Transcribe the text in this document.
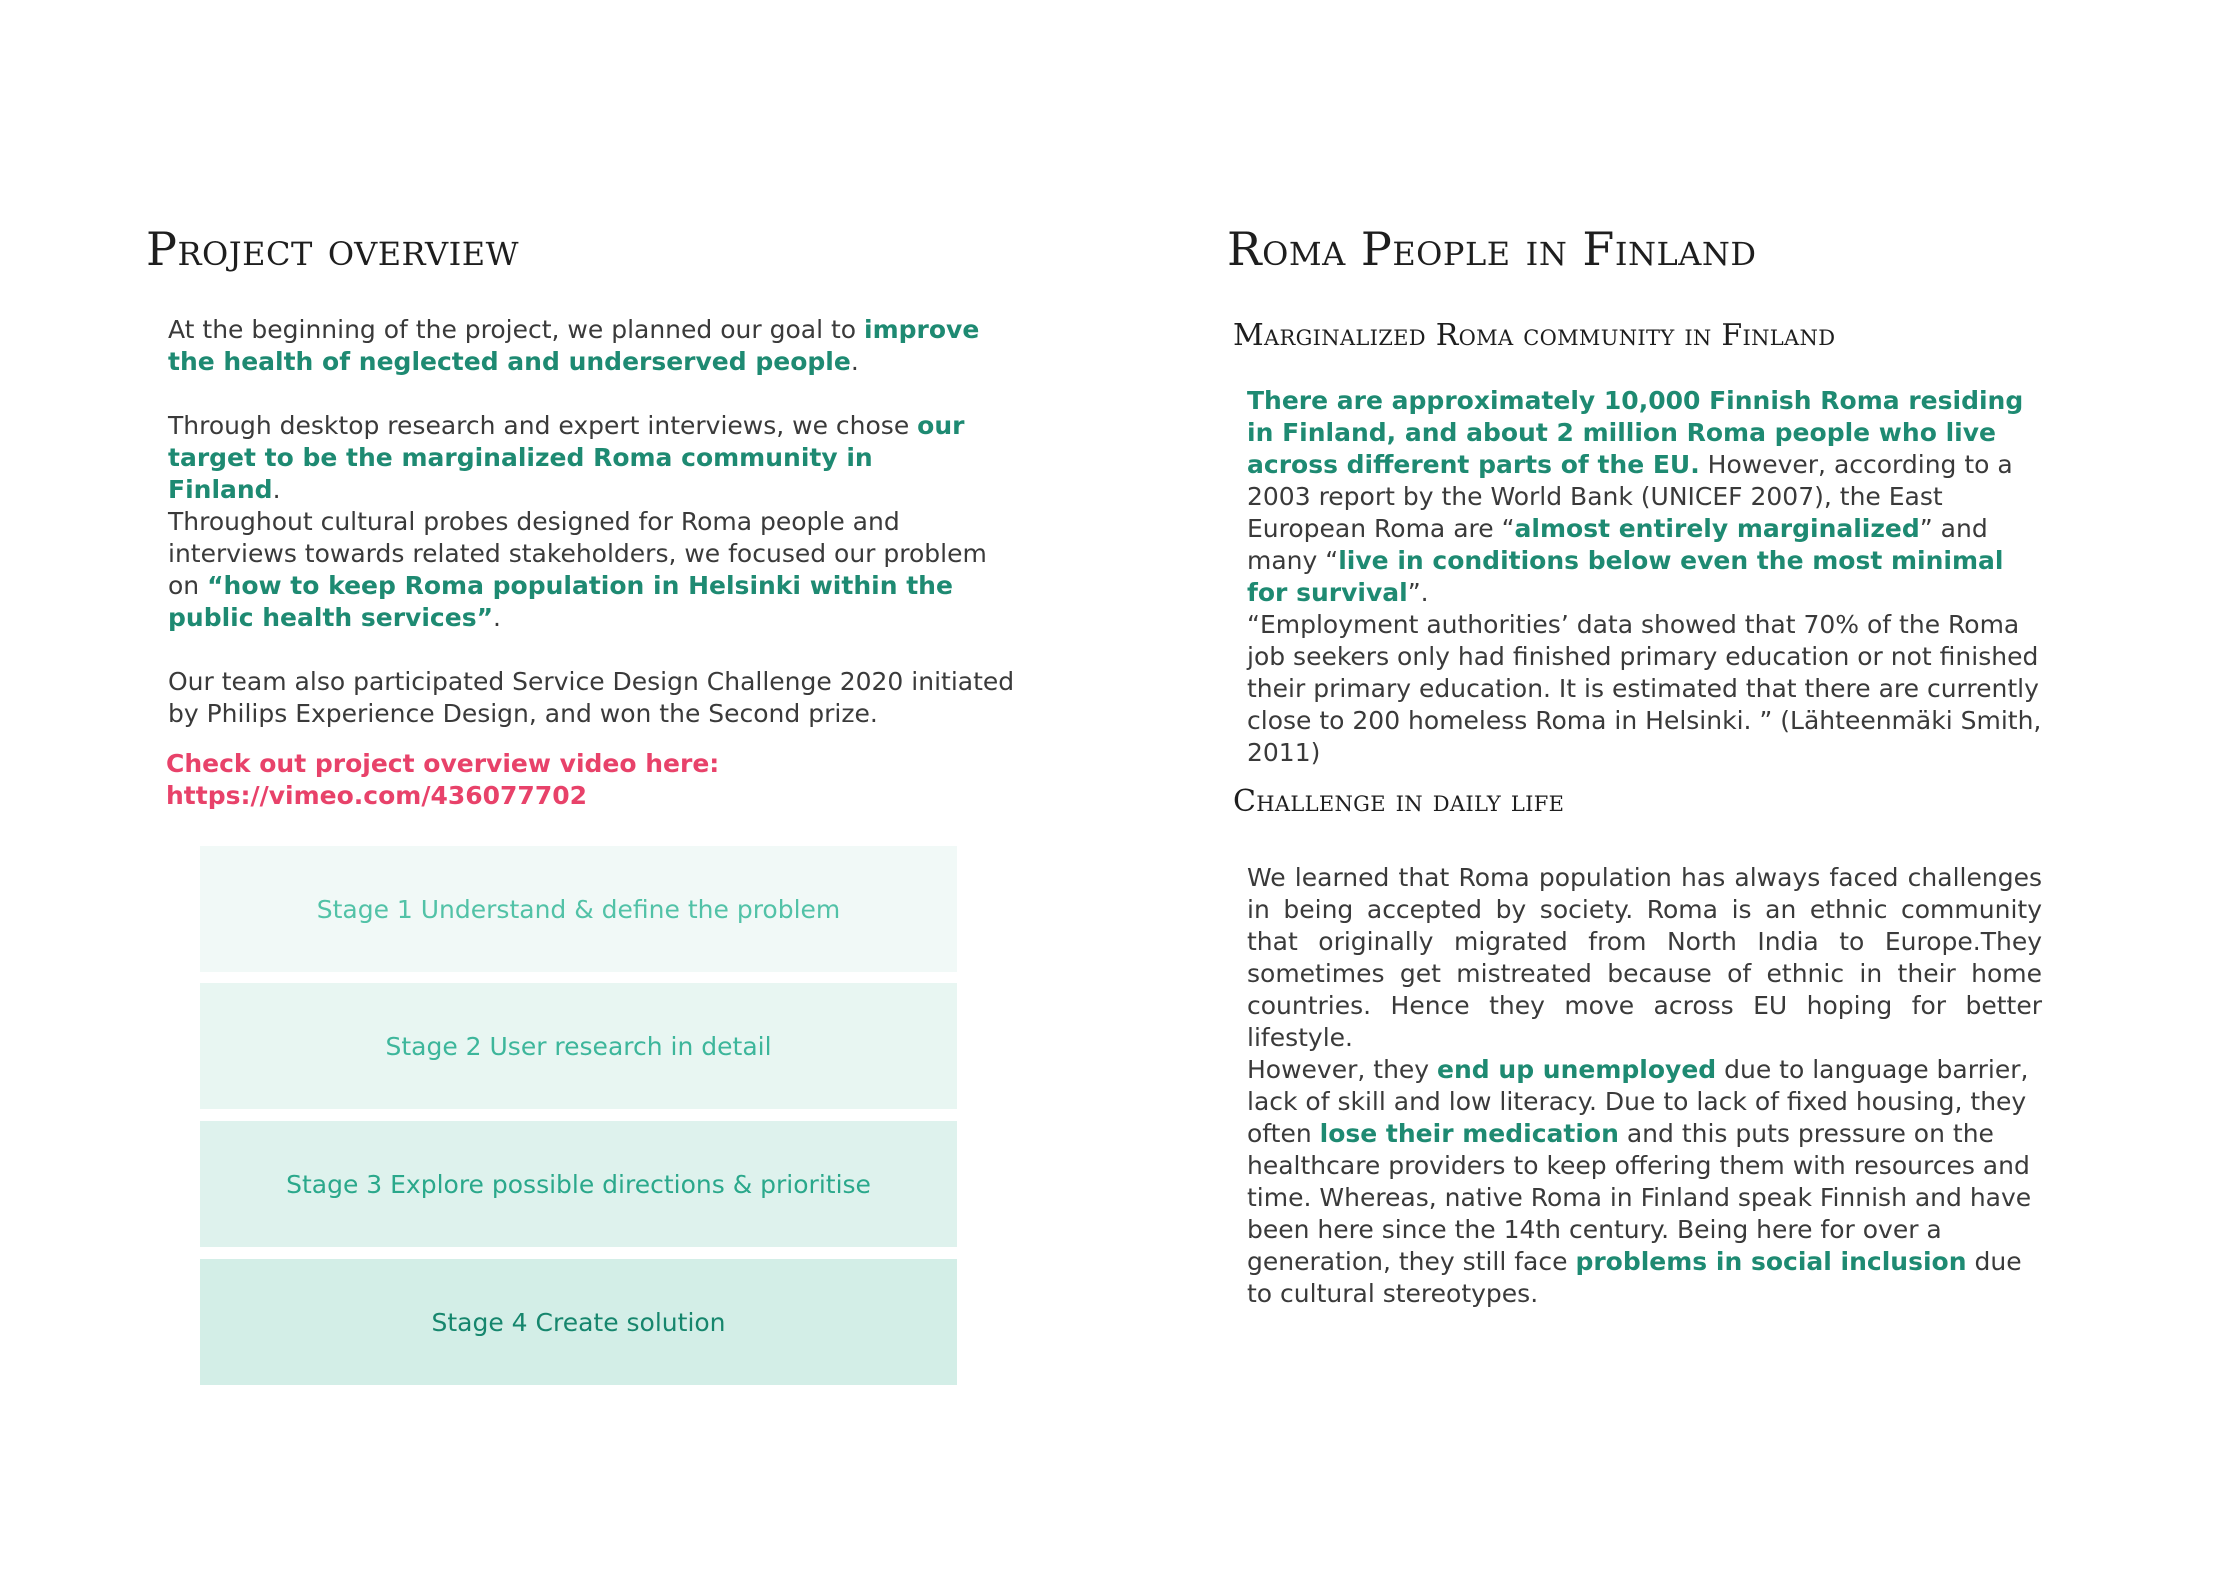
Project overview

At the beginning of the project, we planned our goal to improve the health of neglected and underserved people.

Through desktop research and expert interviews, we chose our target to be the marginalized Roma community in Finland.

Throughout cultural probes designed for Roma people and interviews towards related stakeholders, we focused our problem on “how to keep Roma population in Helsinki within the public health services”.

Our team also participated Service Design Challenge 2020 initiated by Philips Experience Design, and won the Second prize.

Check out project overview video here:
https://vimeo.com/436077702

Stage 1 Understand & define the problem
Stage 2 User research in detail
Stage 3 Explore possible directions & prioritise
Stage 4 Create solution
Roma People in Finland
Marginalized Roma community in Finland

There are approximately 10,000 Finnish Roma residing in Finland, and about 2 million Roma people who live across different parts of the EU. However, according to a 2003 report by the World Bank (UNICEF 2007), the East European Roma are “almost entirely marginalized” and many “live in conditions below even the most minimal for survival”.
“Employment authorities’ data showed that 70% of the Roma job seekers only had finished primary education or not finished their primary education. It is estimated that there are currently close to 200 homeless Roma in Helsinki. ” (Lähteenmäki Smith, 2011)

Challenge in daily life

We learned that Roma population has always faced challenges in being accepted by society. Roma is an ethnic community that originally migrated from North India to Europe.They sometimes get mistreated because of ethnic in their home countries. Hence they move across EU hoping for better lifestyle.

However, they end up unemployed due to language barrier, lack of skill and low literacy. Due to lack of fixed housing, they often lose their medication and this puts pressure on the healthcare providers to keep offering them with resources and time. Whereas, native Roma in Finland speak Finnish and have been here since the 14th century. Being here for over a generation, they still face problems in social inclusion due to cultural stereotypes.
